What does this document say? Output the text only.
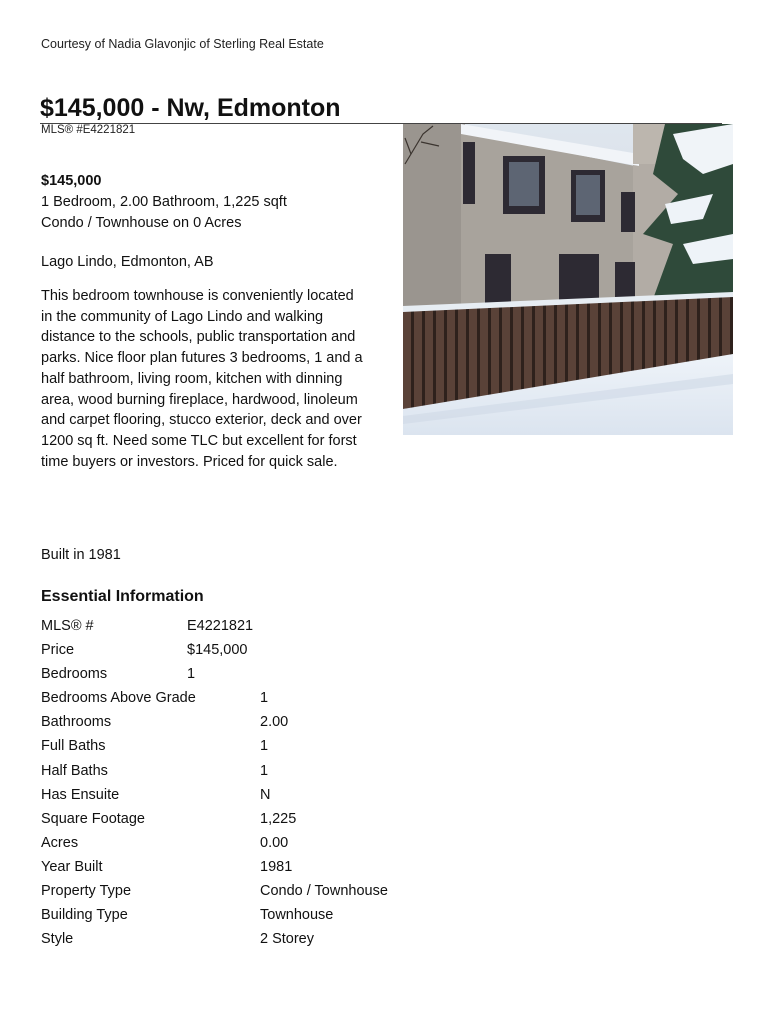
Courtesy of Nadia Glavonjic of Sterling Real Estate
$145,000 - Nw, Edmonton
MLS® #E4221821
$145,000
1 Bedroom, 2.00 Bathroom, 1,225 sqft
Condo / Townhouse on 0 Acres
Lago Lindo, Edmonton, AB
This bedroom townhouse is conveniently located in the community of Lago Lindo and walking distance to the schools, public transportation and parks. Nice floor plan futures 3 bedrooms, 1 and a half bathroom, living room, kitchen with dinning area, wood burning fireplace, hardwood, linoleum and carpet flooring, stucco exterior, deck and over 1200 sq ft. Need some TLC but excellent for forst time buyers or investors. Priced for quick sale.
Built in 1981
Essential Information
MLS® #	E4221821
Price	$145,000
Bedrooms	1
Bedrooms Above Grade	1
Bathrooms	2.00
Full Baths	1
Half Baths	1
Has Ensuite	N
Square Footage	1,225
Acres	0.00
Year Built	1981
Property Type	Condo / Townhouse
Building Type	Townhouse
Style	2 Storey
